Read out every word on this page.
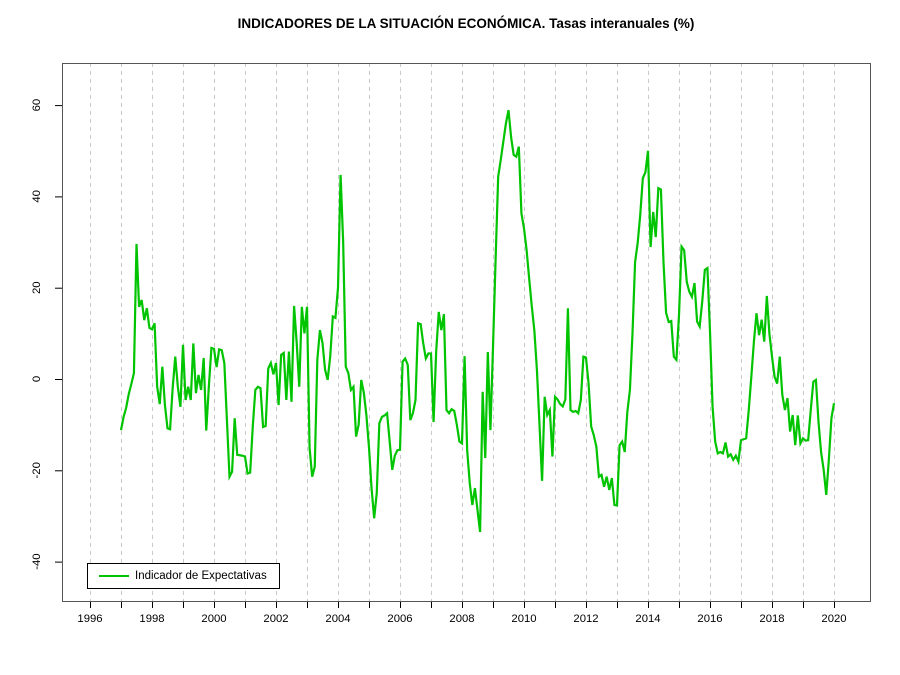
INDICADORES DE LA SITUACIÓN ECONÓMICA. Tasas interanuales (%)
1996	1998	2000	2002	2004	2006	2008	2010	2012	2014	2016	2018	2020
-40
-20
0
20
40
60
Indicador de Expectativas
